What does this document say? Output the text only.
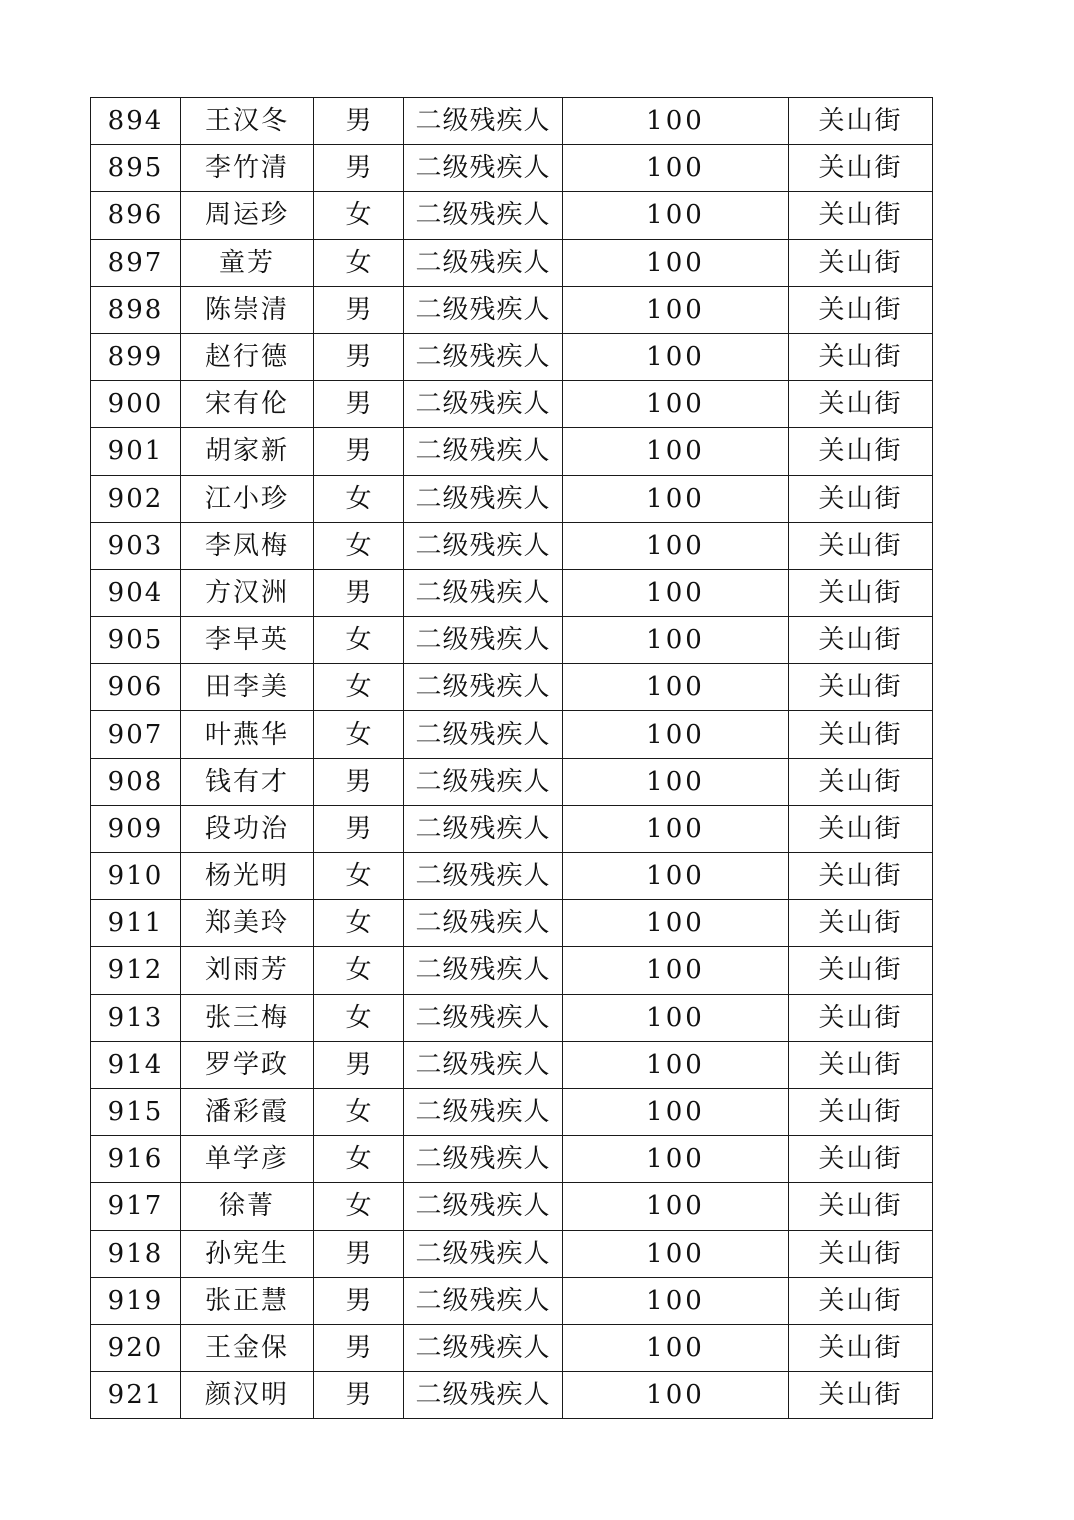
894	王汉冬	男	二级残疾人	100	关山街
895	李竹清	男	二级残疾人	100	关山街
896	周运珍	女	二级残疾人	100	关山街
897	童芳	女	二级残疾人	100	关山街
898	陈崇清	男	二级残疾人	100	关山街
899	赵行德	男	二级残疾人	100	关山街
900	宋有伦	男	二级残疾人	100	关山街
901	胡家新	男	二级残疾人	100	关山街
902	江小珍	女	二级残疾人	100	关山街
903	李凤梅	女	二级残疾人	100	关山街
904	方汉洲	男	二级残疾人	100	关山街
905	李早英	女	二级残疾人	100	关山街
906	田李美	女	二级残疾人	100	关山街
907	叶燕华	女	二级残疾人	100	关山街
908	钱有才	男	二级残疾人	100	关山街
909	段功治	男	二级残疾人	100	关山街
910	杨光明	女	二级残疾人	100	关山街
911	郑美玲	女	二级残疾人	100	关山街
912	刘雨芳	女	二级残疾人	100	关山街
913	张三梅	女	二级残疾人	100	关山街
914	罗学政	男	二级残疾人	100	关山街
915	潘彩霞	女	二级残疾人	100	关山街
916	单学彦	女	二级残疾人	100	关山街
917	徐菁	女	二级残疾人	100	关山街
918	孙宪生	男	二级残疾人	100	关山街
919	张正慧	男	二级残疾人	100	关山街
920	王金保	男	二级残疾人	100	关山街
921	颜汉明	男	二级残疾人	100	关山街
